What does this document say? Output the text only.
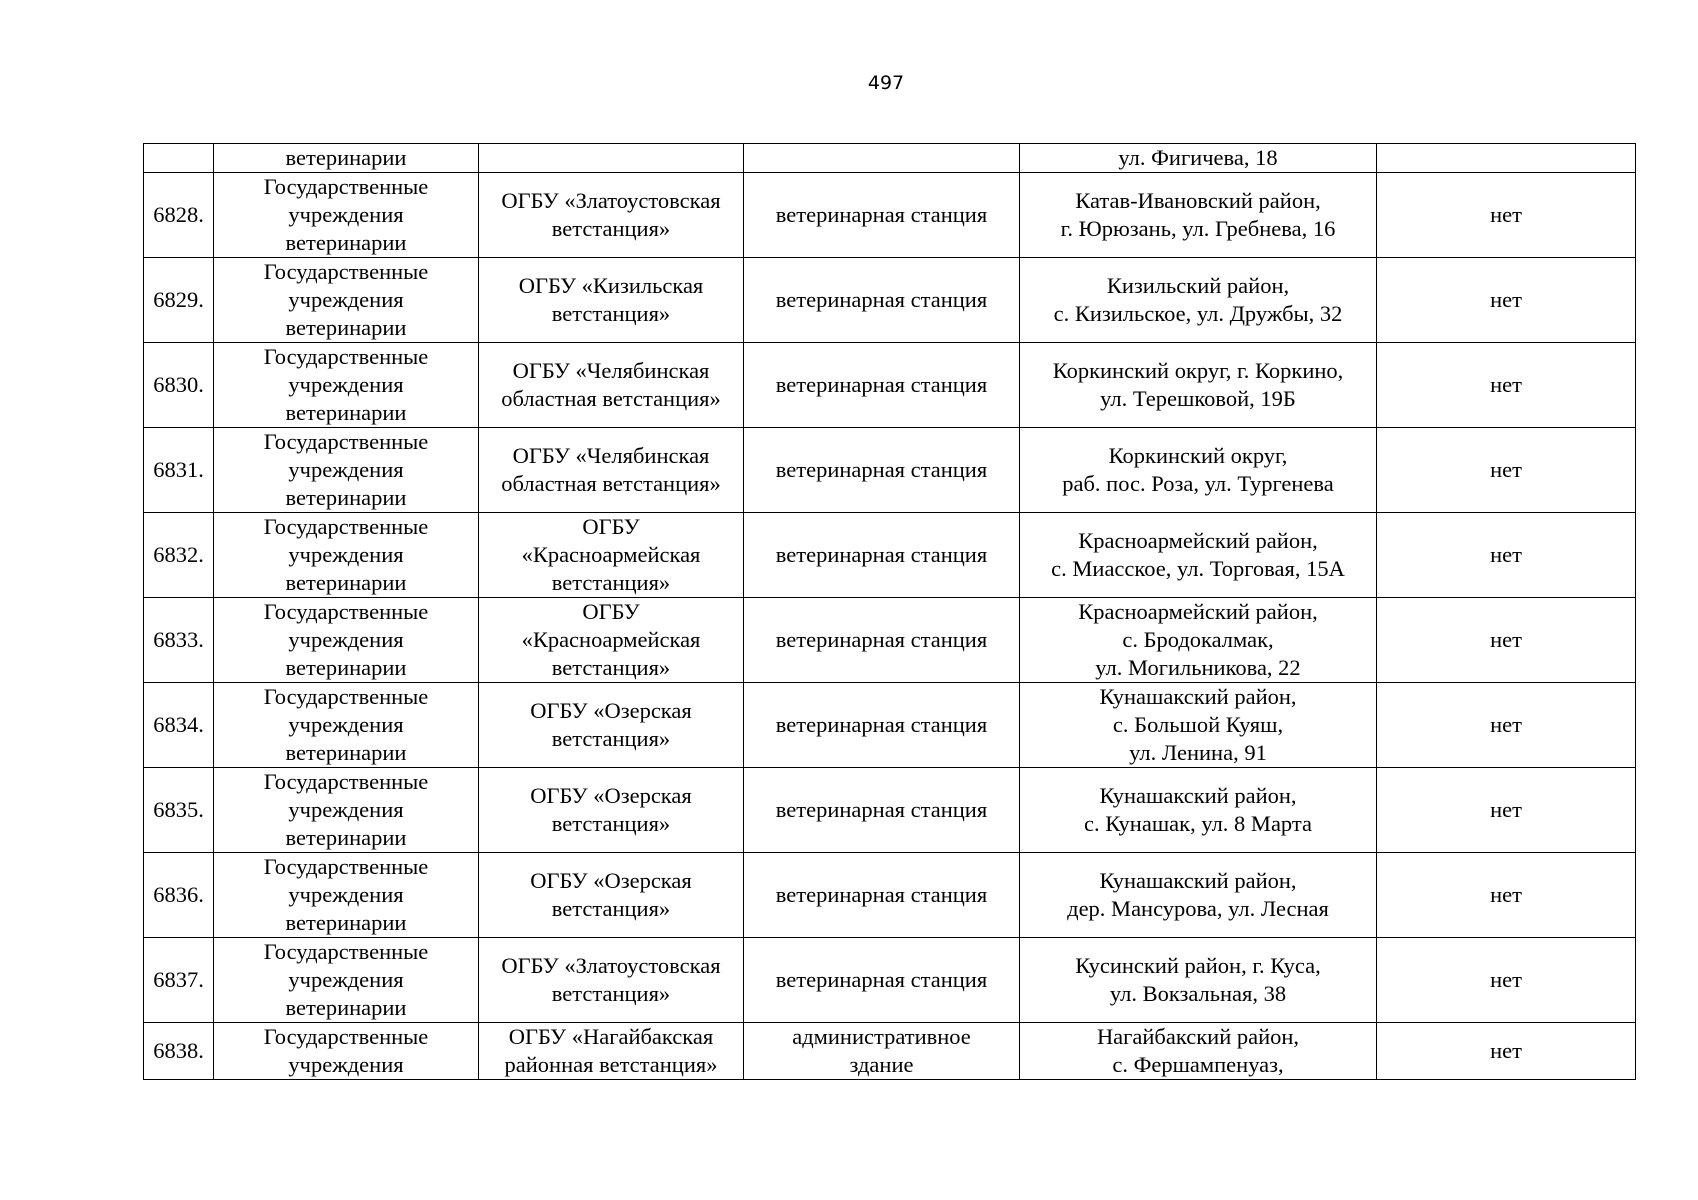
497
	ветеринарии			ул. Фигичева, 18	
6828.	Государственные
учреждения
ветеринарии	ОГБУ «Златоустовская
ветстанция»	ветеринарная станция	Катав-Ивановский район,
г. Юрюзань, ул. Гребнева, 16	нет
6829.	Государственные
учреждения
ветеринарии	ОГБУ «Кизильская
ветстанция»	ветеринарная станция	Кизильский район,
с. Кизильское, ул. Дружбы, 32	нет
6830.	Государственные
учреждения
ветеринарии	ОГБУ «Челябинская
областная ветстанция»	ветеринарная станция	Коркинский округ, г. Коркино,
ул. Терешковой, 19Б	нет
6831.	Государственные
учреждения
ветеринарии	ОГБУ «Челябинская
областная ветстанция»	ветеринарная станция	Коркинский округ,
раб. пос. Роза, ул. Тургенева	нет
6832.	Государственные
учреждения
ветеринарии	ОГБУ
«Красноармейская
ветстанция»	ветеринарная станция	Красноармейский район,
с. Миасское, ул. Торговая, 15А	нет
6833.	Государственные
учреждения
ветеринарии	ОГБУ
«Красноармейская
ветстанция»	ветеринарная станция	Красноармейский район,
с. Бродокалмак,
ул. Могильникова, 22	нет
6834.	Государственные
учреждения
ветеринарии	ОГБУ «Озерская
ветстанция»	ветеринарная станция	Кунашакский район,
с. Большой Куяш,
ул. Ленина, 91	нет
6835.	Государственные
учреждения
ветеринарии	ОГБУ «Озерская
ветстанция»	ветеринарная станция	Кунашакский район,
с. Кунашак, ул. 8 Марта	нет
6836.	Государственные
учреждения
ветеринарии	ОГБУ «Озерская
ветстанция»	ветеринарная станция	Кунашакский район,
дер. Мансурова, ул. Лесная	нет
6837.	Государственные
учреждения
ветеринарии	ОГБУ «Златоустовская
ветстанция»	ветеринарная станция	Кусинский район, г. Куса,
ул. Вокзальная, 38	нет
6838.	Государственные
учреждения	ОГБУ «Нагайбакская
районная ветстанция»	административное
здание	Нагайбакский район,
с. Фершампенуаз,	нет
